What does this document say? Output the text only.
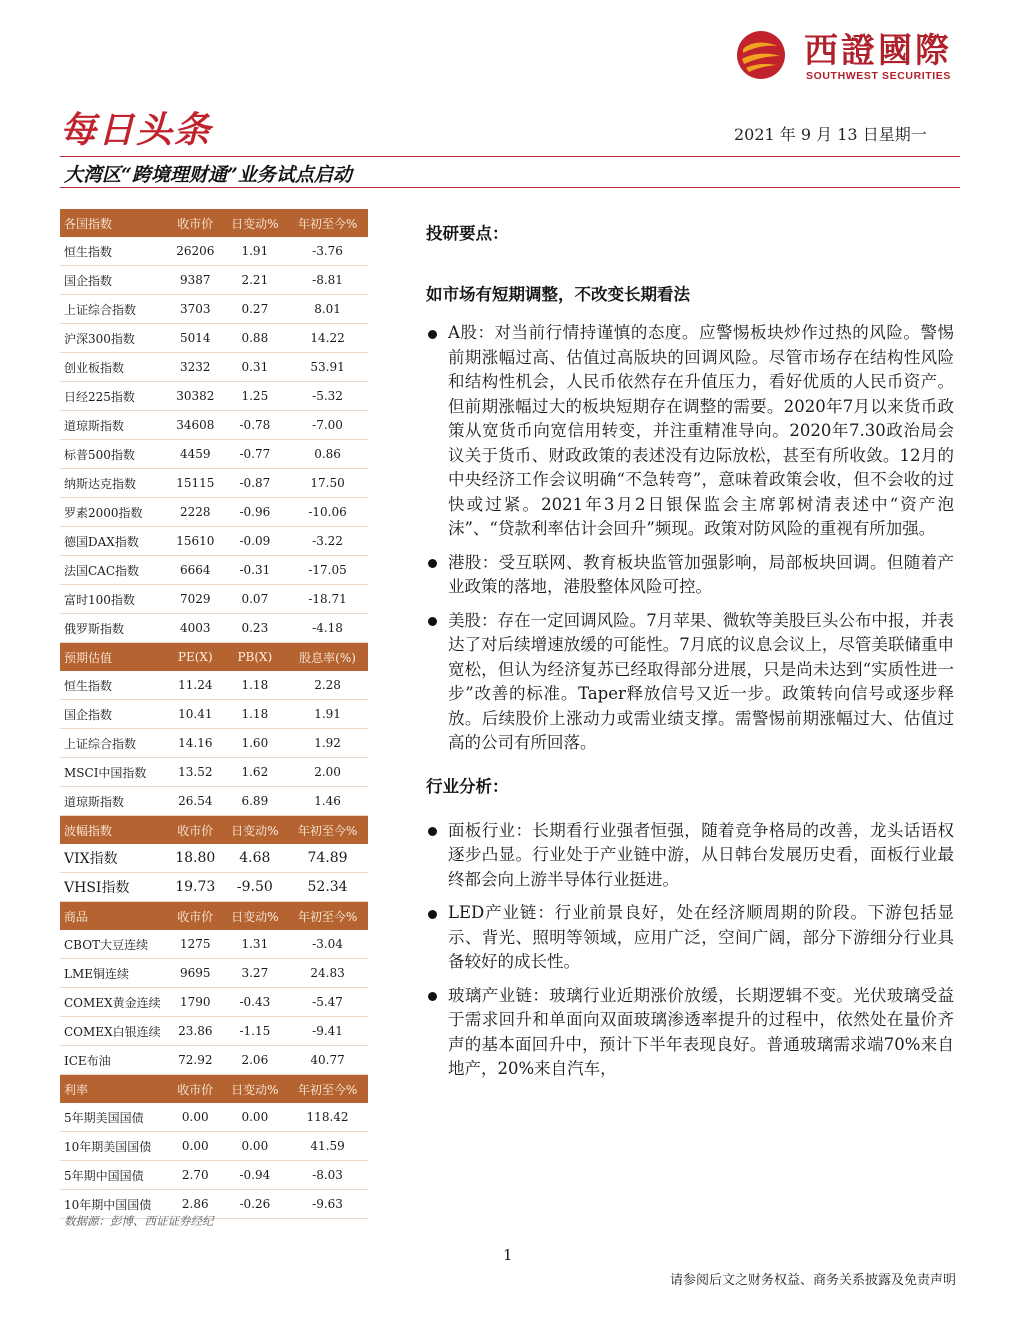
西證國際
SOUTHWEST SECURITIES
每日头条	2021 年 9 月 13 日星期一
大湾区“跨境理财通”业务试点启动
各国指数	收市价	日变动%	年初至今%
恒生指数	26206	1.91	-3.76
国企指数	9387	2.21	-8.81
上证综合指数	3703	0.27	8.01
沪深300指数	5014	0.88	14.22
创业板指数	3232	0.31	53.91
日经225指数	30382	1.25	-5.32
道琼斯指数	34608	-0.78	-7.00
标普500指数	4459	-0.77	0.86
纳斯达克指数	15115	-0.87	17.50
罗素2000指数	2228	-0.96	-10.06
德国DAX指数	15610	-0.09	-3.22
法国CAC指数	6664	-0.31	-17.05
富时100指数	7029	0.07	-18.71
俄罗斯指数	4003	0.23	-4.18
预期估值	PE(X)	PB(X)	股息率(%)
恒生指数	11.24	1.18	2.28
国企指数	10.41	1.18	1.91
上证综合指数	14.16	1.60	1.92
MSCI中国指数	13.52	1.62	2.00
道琼斯指数	26.54	6.89	1.46
波幅指数	收市价	日变动%	年初至今%
VIX指数	18.80	4.68	74.89
VHSI指数	19.73	-9.50	52.34
商品	收市价	日变动%	年初至今%
CBOT大豆连续	1275	1.31	-3.04
LME铜连续	9695	3.27	24.83
COMEX黄金连续	1790	-0.43	-5.47
COMEX白银连续	23.86	-1.15	-9.41
ICE布油	72.92	2.06	40.77
利率	收市价	日变动%	年初至今%
5年期美国国债	0.00	0.00	118.42
10年期美国国债	0.00	0.00	41.59
5年期中国国债	2.70	-0.94	-8.03
10年期中国国债	2.86	-0.26	-9.63
数据源：彭博、西证证券经纪
投研要点：
如市场有短期调整，不改变长期看法
A股：对当前行情持谨慎的态度。应警惕板块炒作过热的风险。警惕前期涨幅过高、估值过高版块的回调风险。尽管市场存在结构性风险和结构性机会，人民币依然存在升值压力，看好优质的人民币资产。但前期涨幅过大的板块短期存在调整的需要。2020年7月以来货币政策从宽货币向宽信用转变，并注重精准导向。2020年7.30政治局会议关于货币、财政政策的表述没有边际放松，甚至有所收敛。12月的中央经济工作会议明确“不急转弯”，意味着政策会收，但不会收的过快或过紧。2021年3月2日银保监会主席郭树清表述中“资产泡沫”、“贷款利率估计会回升”频现。政策对防风险的重视有所加强。
港股：受互联网、教育板块监管加强影响，局部板块回调。但随着产业政策的落地，港股整体风险可控。
美股：存在一定回调风险。7月苹果、微软等美股巨头公布中报，并表达了对后续增速放缓的可能性。7月底的议息会议上，尽管美联储重申宽松，但认为经济复苏已经取得部分进展，只是尚未达到“实质性进一步”改善的标准。Taper释放信号又近一步。政策转向信号或逐步释放。后续股价上涨动力或需业绩支撑。需警惕前期涨幅过大、估值过高的公司有所回落。
行业分析：
面板行业：长期看行业强者恒强，随着竞争格局的改善，龙头话语权逐步凸显。行业处于产业链中游，从日韩台发展历史看，面板行业最终都会向上游半导体行业挺进。
LED产业链：行业前景良好，处在经济顺周期的阶段。下游包括显示、背光、照明等领域，应用广泛，空间广阔，部分下游细分行业具备较好的成长性。
玻璃产业链：玻璃行业近期涨价放缓，长期逻辑不变。光伏玻璃受益于需求回升和单面向双面玻璃渗透率提升的过程中，依然处在量价齐声的基本面回升中，预计下半年表现良好。普通玻璃需求端70%来自地产，20%来自汽车，
1
请参阅后文之财务权益、商务关系披露及免责声明
